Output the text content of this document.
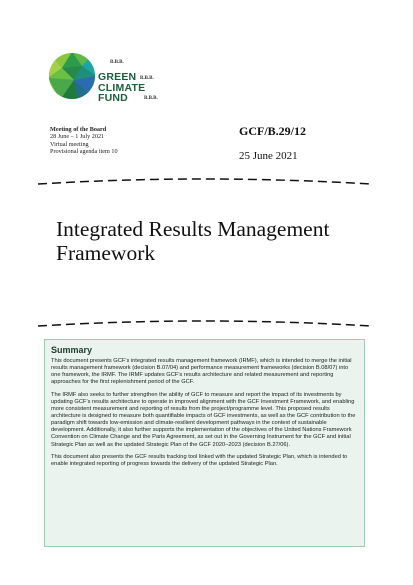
GREEN
CLIMATE
FUND
B.B.B.
B.B.B.
B.B.B.
Meeting of the Board
28 June – 1 July 2021
Virtual meeting
Provisional agenda item 10
GCF/B.29/12
25 June 2021
Integrated Results Management Framework
Summary

This document presents GCF’s integrated results management framework (IRMF), which is intended to merge the initial results management framework (decision B.07/04) and performance measurement frameworks (decision B.08/07) into one framework, the IRMF. The IRMF updates GCF’s results architecture and related measurement and reporting approaches for the first replenishment period of the GCF.

The IRMF also seeks to further strengthen the ability of GCF to measure and report the impact of its investments by updating GCF’s results architecture to operate in improved alignment with the GCF Investment Framework, and enabling more consistent measurement and reporting of results from the project/programme level. This proposed results architecture is designed to measure both quantifiable impacts of GCF investments, as well as the GCF contribution to the paradigm shift towards low-emission and climate-resilient development pathways in the context of sustainable development. Additionally, it also further supports the implementation of the objectives of the United Nations Framework Convention on Climate Change and the Paris Agreement, as set out in the Governing Instrument for the GCF and initial Strategic Plan as well as the updated Strategic Plan of the GCF 2020–2023 (decision B.27/06).

This document also presents the GCF results tracking tool linked with the updated Strategic Plan, which is intended to enable integrated reporting of progress towards the delivery of the updated Strategic Plan.
